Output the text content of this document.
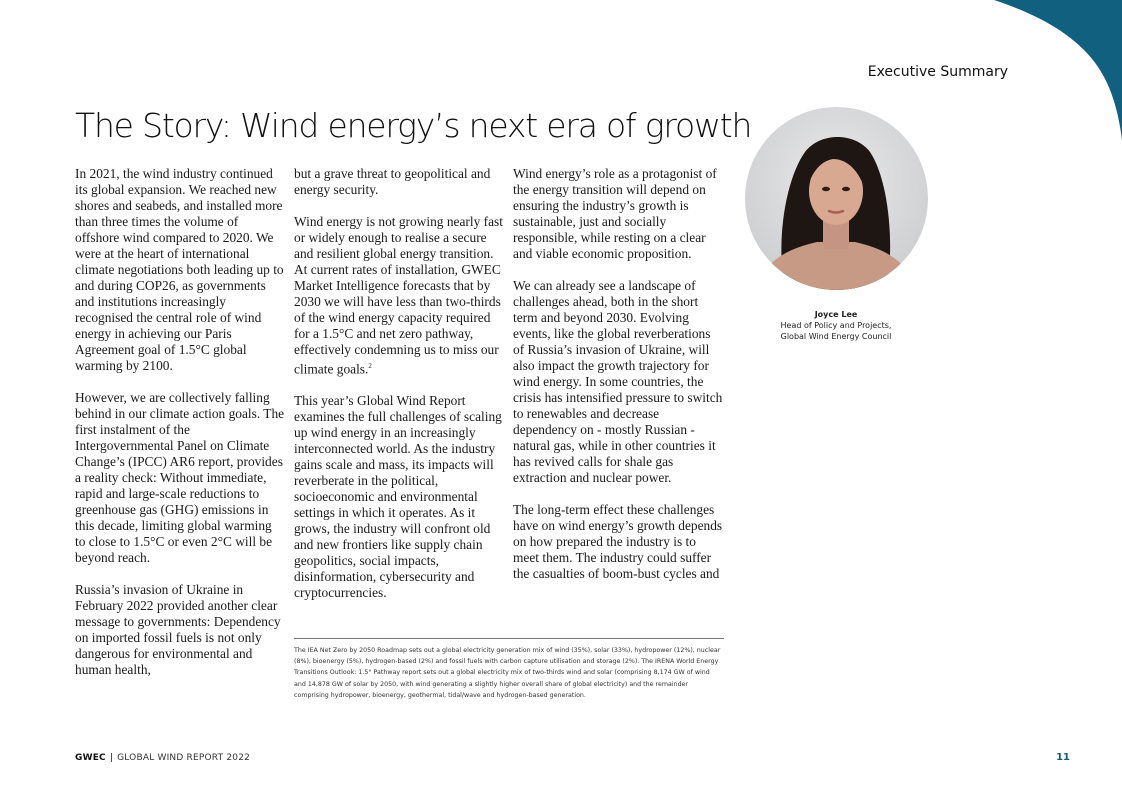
Executive Summary
The Story: Wind energy’s next era of growth

In 2021, the wind industry continued its global expansion. We reached new shores and seabeds, and installed more than three times the volume of offshore wind compared to 2020. We were at the heart of international climate negotiations both leading up to and during COP26, as governments and institutions increasingly recognised the central role of wind energy in achieving our Paris Agreement goal of 1.5°C global warming by 2100.

However, we are collectively falling behind in our climate action goals. The first instalment of the Intergovernmental Panel on Climate Change’s (IPCC) AR6 report, provides a reality check: Without immediate, rapid and large-scale reductions to greenhouse gas (GHG) emissions in this decade, limiting global warming to close to 1.5°C or even 2°C will be beyond reach.

Russia’s invasion of Ukraine in February 2022 provided another clear message to governments: Dependency on imported fossil fuels is not only dangerous for environmental and human health,

but a grave threat to geopolitical and energy security.

Wind energy is not growing nearly fast or widely enough to realise a secure and resilient global energy transition. At current rates of installation, GWEC Market Intelligence forecasts that by 2030 we will have less than two-thirds of the wind energy capacity required for a 1.5°C and net zero pathway, effectively condemning us to miss our climate goals.$^2$

This year’s Global Wind Report examines the full challenges of scaling up wind energy in an increasingly interconnected world. As the industry gains scale and mass, its impacts will reverberate in the political, socioeconomic and environmental settings in which it operates. As it grows, the industry will confront old and new frontiers like supply chain geopolitics, social impacts, disinformation, cybersecurity and cryptocurrencies.

Wind energy’s role as a protagonist of the energy transition will depend on ensuring the industry’s growth is sustainable, just and socially responsible, while resting on a clear and viable economic proposition.

We can already see a landscape of challenges ahead, both in the short term and beyond 2030. Evolving events, like the global reverberations of Russia’s invasion of Ukraine, will also impact the growth trajectory for wind energy. In some countries, the crisis has intensified pressure to switch to renewables and decrease dependency on - mostly Russian - natural gas, while in other countries it has revived calls for shale gas extraction and nuclear power.

The long-term effect these challenges have on wind energy’s growth depends on how prepared the industry is to meet them. The industry could suffer the casualties of boom-bust cycles and

Joyce Lee
Head of Policy and Projects,
Global Wind Energy Council
The IEA Net Zero by 2050 Roadmap sets out a global electricity generation mix of wind (35%), solar (33%), hydropower (12%), nuclear (8%), bioenergy (5%), hydrogen-based (2%) and fossil fuels with carbon capture utilisation and storage (2%). The IRENA World Energy Transitions Outlook: 1.5° Pathway report sets out a global electricity mix of two-thirds wind and solar (comprising 8,174 GW of wind and 14,878 GW of solar by 2050, with wind generating a slightly higher overall share of global electricity) and the remainder comprising hydropower, bioenergy, geothermal, tidal/wave and hydrogen-based generation.
GWEC | GLOBAL WIND REPORT 2022	11
